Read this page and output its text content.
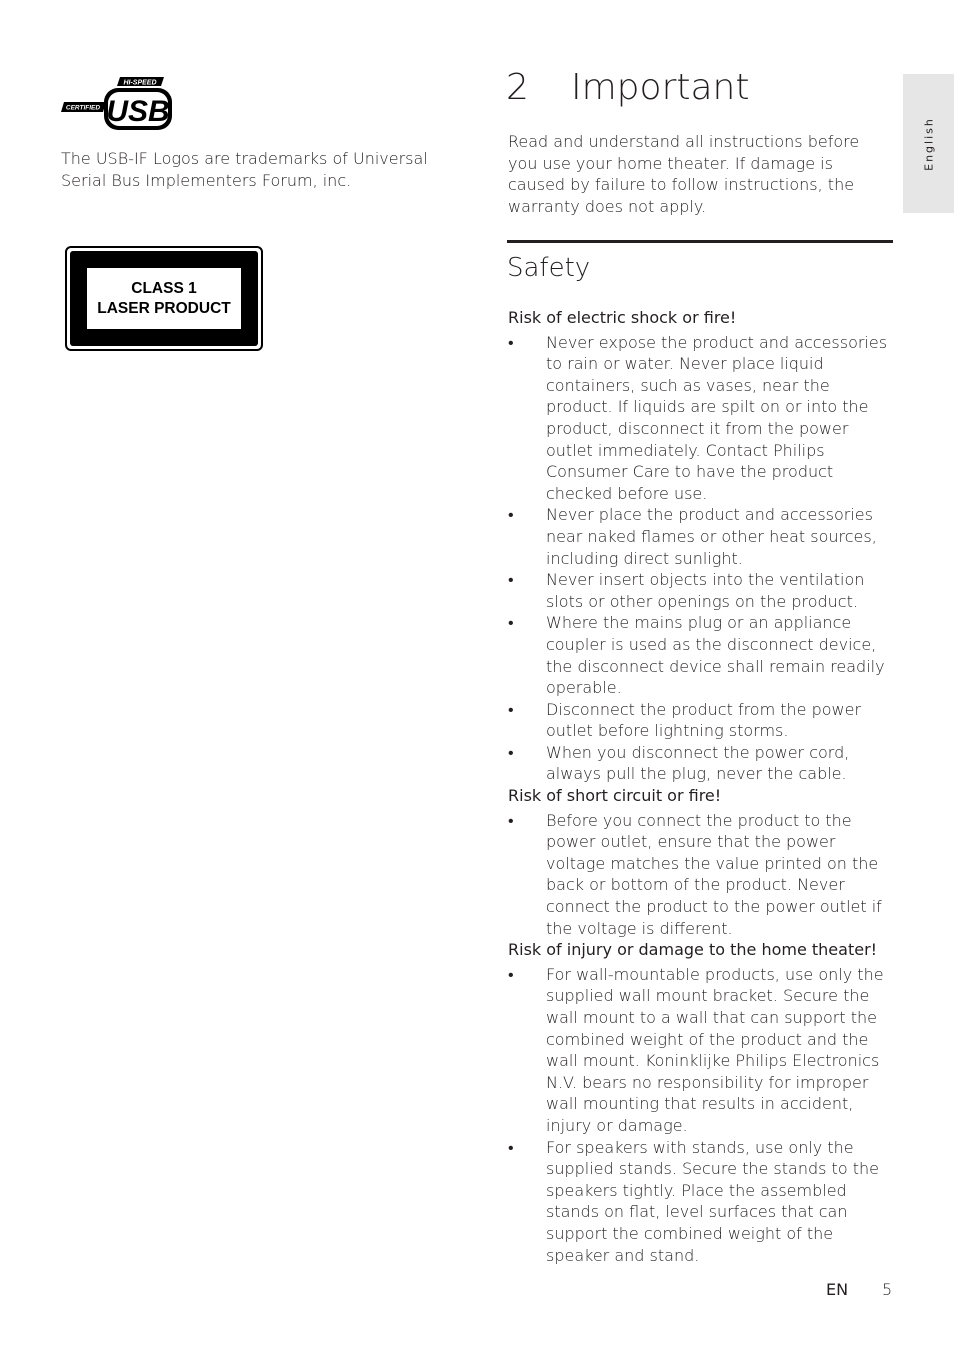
HI-SPEED
CERTIFIED USB
The USB-IF Logos are trademarks of Universal Serial Bus Implementers Forum, inc.
CLASS 1
LASER PRODUCT
English
2 Important
Read and understand all instructions before you use your home theater. If damage is caused by failure to follow instructions, the warranty does not apply.
Safety
Risk of electric shock or fire!
• Never expose the product and accessories to rain or water. Never place liquid containers, such as vases, near the product. If liquids are spilt on or into the product, disconnect it from the power outlet immediately. Contact Philips Consumer Care to have the product checked before use.
• Never place the product and accessories near naked flames or other heat sources, including direct sunlight.
• Never insert objects into the ventilation slots or other openings on the product.
• Where the mains plug or an appliance coupler is used as the disconnect device, the disconnect device shall remain readily operable.
• Disconnect the product from the power outlet before lightning storms.
• When you disconnect the power cord, always pull the plug, never the cable.
Risk of short circuit or fire!
• Before you connect the product to the power outlet, ensure that the power voltage matches the value printed on the back or bottom of the product. Never connect the product to the power outlet if the voltage is different.
Risk of injury or damage to the home theater!
• For wall-mountable products, use only the supplied wall mount bracket. Secure the wall mount to a wall that can support the combined weight of the product and the wall mount. Koninklijke Philips Electronics N.V. bears no responsibility for improper wall mounting that results in accident, injury or damage.
• For speakers with stands, use only the supplied stands. Secure the stands to the speakers tightly. Place the assembled stands on flat, level surfaces that can support the combined weight of the speaker and stand.
EN 5
